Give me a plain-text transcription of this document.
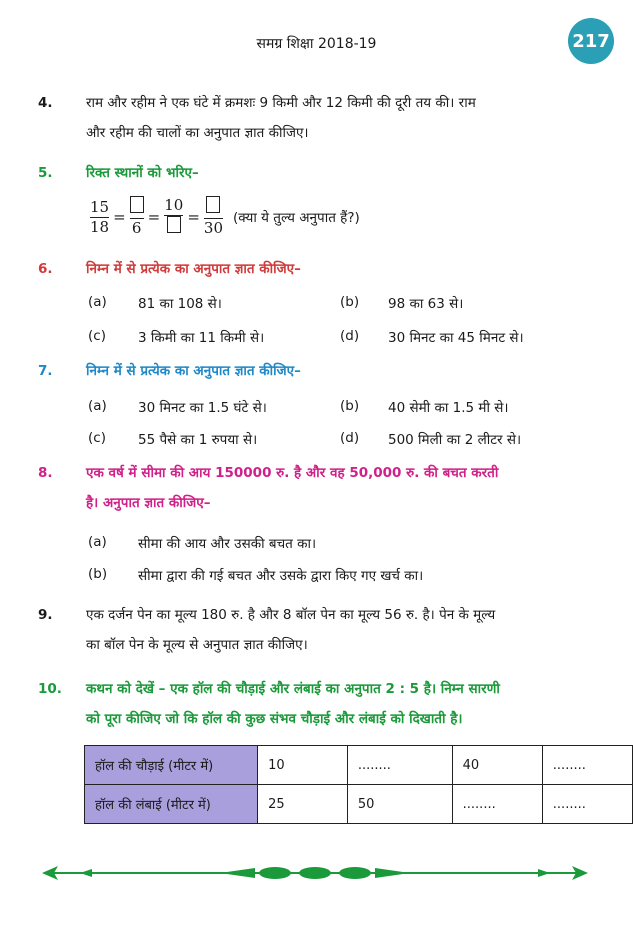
समग्र शिक्षा 2018-19	217
4.	राम और रहीम ने एक घंटे में क्रमशः 9 किमी और 12 किमी की दूरी तय की। राम
और रहीम की चालों का अनुपात ज्ञात कीजिए।
5.	रिक्त स्थानों को भरिए–
$\frac{15}{18}$ =
6
=
10
=
30
(क्या ये तुल्य अनुपात हैं?)
6.	निम्न में से प्रत्येक का अनुपात ज्ञात कीजिए–
(a) 81 का 108 से।	(b) 98 का 63 से।
(c) 3 किमी का 11 किमी से।	(d) 30 मिनट का 45 मिनट से।
7.	निम्न में से प्रत्येक का अनुपात ज्ञात कीजिए–
(a) 30 मिनट का 1.5 घंटे से।	(b) 40 सेमी का 1.5 मी से।
(c) 55 पैसे का 1 रुपया से।	(d) 500 मिली का 2 लीटर से।
8.	एक वर्ष में सीमा की आय 150000 रु. है और वह 50,000 रु. की बचत करती
है। अनुपात ज्ञात कीजिए–
(a) सीमा की आय और उसकी बचत का।
(b) सीमा द्वारा की गई बचत और उसके द्वारा किए गए खर्च का।
9.	एक दर्जन पेन का मूल्य 180 रु. है और 8 बॉल पेन का मूल्य 56 रु. है। पेन के मूल्य
का बॉल पेन के मूल्य से अनुपात ज्ञात कीजिए।
10.	कथन को देखें – एक हॉल की चौड़ाई और लंबाई का अनुपात 2 : 5 है। निम्न सारणी
को पूरा कीजिए जो कि हॉल की कुछ संभव चौड़ाई और लंबाई को दिखाती है।
हॉल की चौड़ाई (मीटर में)	10	........	40	........
हॉल की लंबाई (मीटर में)	25	50	........	........
